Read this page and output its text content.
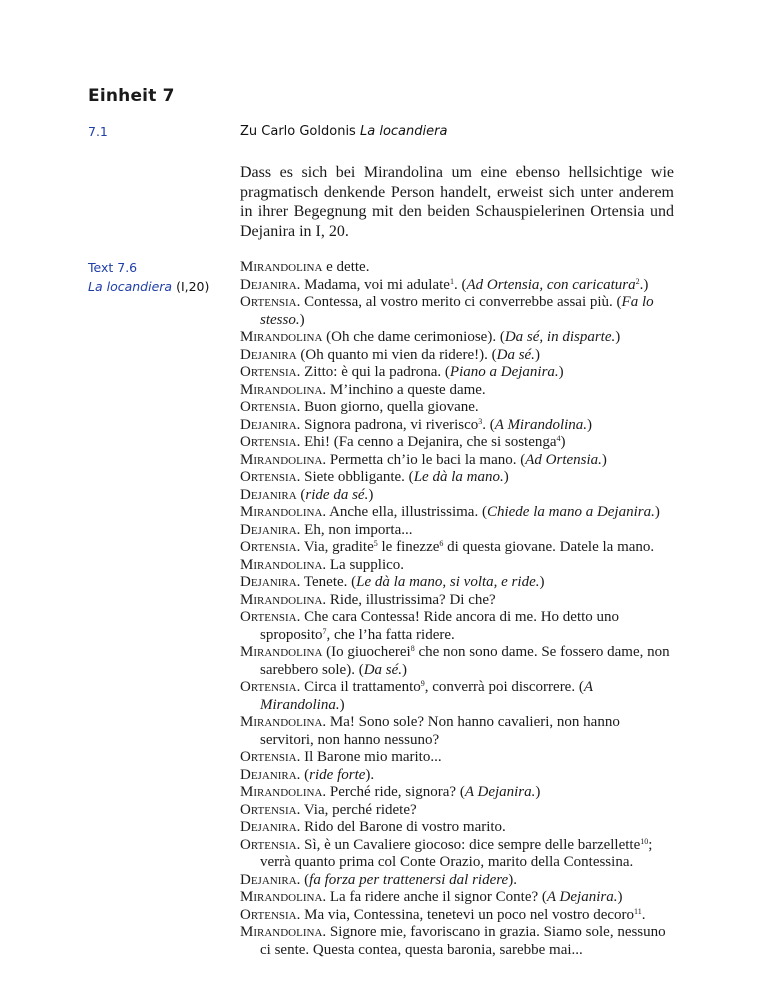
Einheit 7
7.1	Zu Carlo Goldonis La locandiera
Dass es sich bei Mirandolina um eine ebenso hellsichtige wie pragmatisch denkende Person handelt, erweist sich unter anderem in ihrer Begegnung mit den beiden Schauspielerinen Ortensia und Dejanira in I, 20.
Text 7.6
La locandiera (I,20)

Mirandolina e dette.

Dejanira. Madama, voi mi adulate$^1$. (Ad Ortensia, con caricatura$^2$.)

Ortensia. Contessa, al vostro merito ci converrebbe assai più. (Fa lo stesso.)

Mirandolina (Oh che dame cerimoniose). (Da sé, in disparte.)

Dejanira (Oh quanto mi vien da ridere!). (Da sé.)

Ortensia. Zitto: è qui la padrona. (Piano a Dejanira.)

Mirandolina. M’inchino a queste dame.

Ortensia. Buon giorno, quella giovane.

Dejanira. Signora padrona, vi riverisco$^3$. (A Mirandolina.)

Ortensia. Ehi! (Fa cenno a Dejanira, che si sostenga$^4$)

Mirandolina. Permetta ch’io le baci la mano. (Ad Ortensia.)

Ortensia. Siete obbligante. (Le dà la mano.)

Dejanira (ride da sé.)

Mirandolina. Anche ella, illustrissima. (Chiede la mano a Dejanira.)

Dejanira. Eh, non importa...

Ortensia. Via, gradite$^5$ le finezze$^6$ di questa giovane. Datele la mano.

Mirandolina. La supplico.

Dejanira. Tenete. (Le dà la mano, si volta, e ride.)

Mirandolina. Ride, illustrissima? Di che?

Ortensia. Che cara Contessa! Ride ancora di me. Ho detto uno sproposito$^7$, che l’ha fatta ridere.

Mirandolina (Io giuocherei$^8$ che non sono dame. Se fossero dame, non sarebbero sole). (Da sé.)

Ortensia. Circa il trattamento$^9$, converrà poi discorrere. (A Mirandolina.)

Mirandolina. Ma! Sono sole? Non hanno cavalieri, non hanno servitori, non hanno nessuno?

Ortensia. Il Barone mio marito...

Dejanira. (ride forte).

Mirandolina. Perché ride, signora? (A Dejanira.)

Ortensia. Via, perché ridete?

Dejanira. Rido del Barone di vostro marito.

Ortensia. Sì, è un Cavaliere giocoso: dice sempre delle barzellette$^{10}$; verrà quanto prima col Conte Orazio, marito della Contessina.

Dejanira. (fa forza per trattenersi dal ridere).

Mirandolina. La fa ridere anche il signor Conte? (A Dejanira.)

Ortensia. Ma via, Contessina, tenetevi un poco nel vostro decoro$^{11}$.

Mirandolina. Signore mie, favoriscano in grazia. Siamo sole, nessuno ci sente. Questa contea, questa baronia, sarebbe mai...
